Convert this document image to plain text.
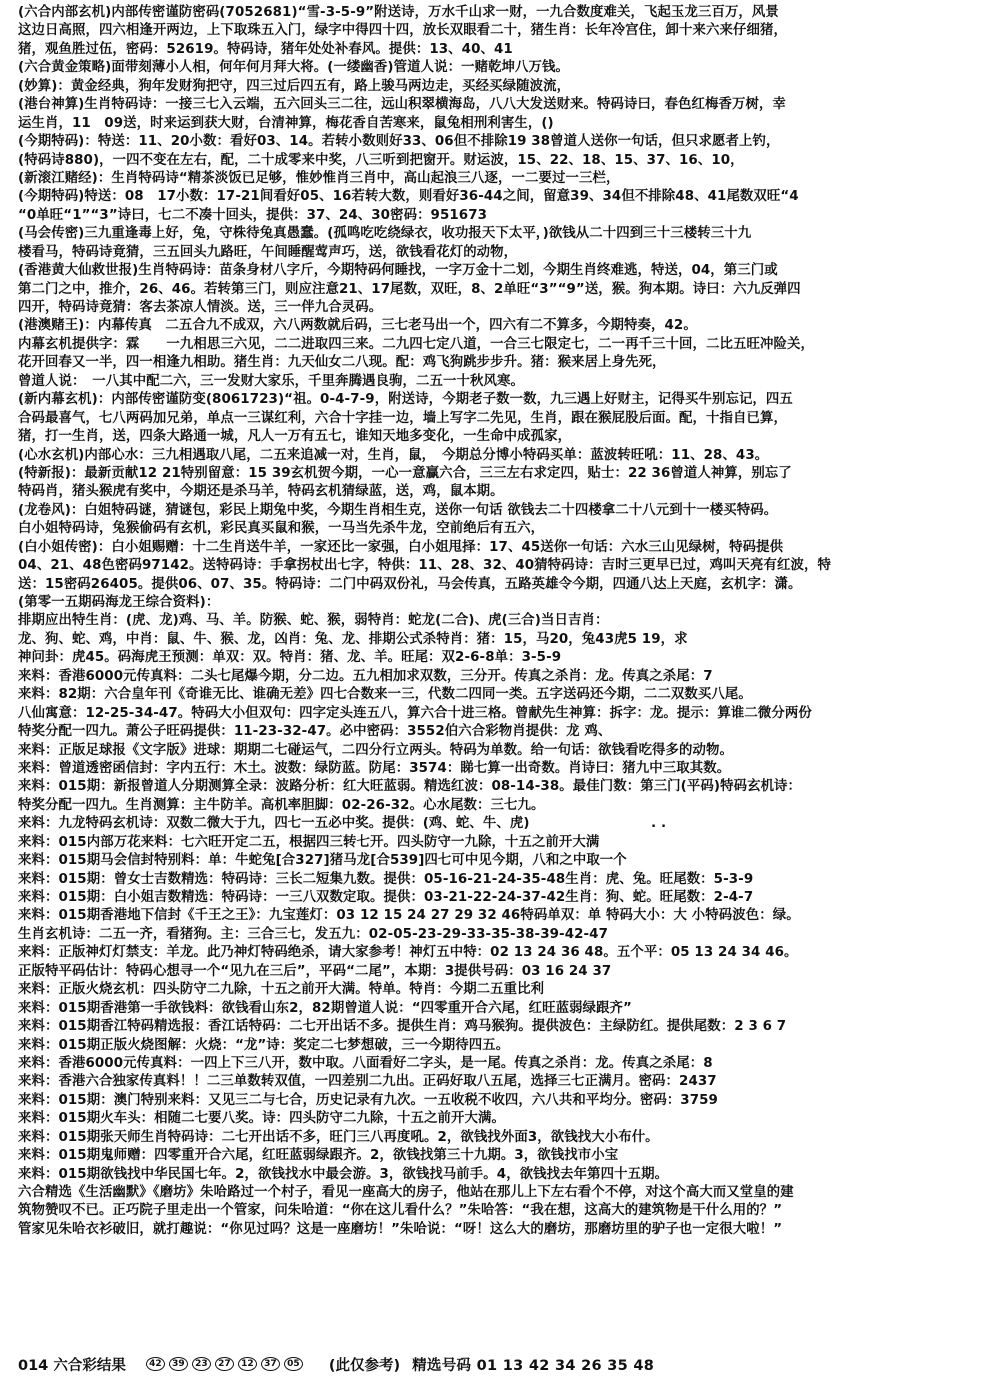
(六合内部玄机)内部传密谨防密码(7052681)“雪-3-5-9”附送诗，万水千山求一财，一九合数度难关，飞起玉龙三百万，风景
这边日高照，四六相逢开两边，上下取珠五入门，绿字中得四十四，放长双眼看二十，猪生肖：长年冷宫住，卸十来六来仔细猪，
猪，观鱼胜过伍，密码：52619。特码诗，猪年处处补春风。提供：13、40、41
(六合黄金策略)面带刻薄小人相，何年何月拜大将。(一缕幽香)管道人说：一赌乾坤八万钱。
(妙算)：黄金经典，狗年发财狗把守，四三过后四五有，路上骏马两边走，买经买绿随波流，
(港台神算)生肖特码诗：一接三七入云端，五六回头三二往，远山积翠横海岛，八八大发送财来。特码诗曰，春色红梅香万树，幸
运生肖，11　09送，时来运到获大财，台清神算，梅花香自苦寒来，鼠兔相刑利害生，()
(今期特码)：特送：11、20小数：看好03、14。若转小数则好33、06但不排除19 38曾道人送你一句话，但只求愿者上钓，
(特码诗880)，一四不变在左右，配，二十成零来中奖，八三听到把窗开。财运波，15、22、18、15、37、16、10，
(新滚江赌经)：生肖特码诗“精茶淡饭已足够，惟妙惟肖三肖中，高山起浪三八逐，一二要过一三栏，
(今期特码)特送：08　17小数：17-21间看好05、16若转大数，则看好36-44之间，留意39、34但不排除48、41尾数双旺“4
“0单旺“1”“3”诗曰，七二不凑十回头，提供：37、24、30密码：951673
(马会传密)三九重逢毒上好，兔，守株待兔真愚蠢。(孤鸣吃吃绕绿衣，收功报天下太平，)欲钱从二十四到三十三楼转三十九
楼看马，特码诗竟猜，三五回头九路旺，午间睡醒莺声巧，送，欲钱看花灯的动物，
(香港黄大仙救世报)生肖特码诗：苗条身材八字斤，今期特码何睡找，一字万金十二划，今期生肖终难逃，特送，04，第三门或
第二门之中，推介，26、46。若转第三门，则应注意21、17尾数，双旺，8、2单旺“3”“9”送，猴。狗本期。诗曰：六九反弹四
四开，特码诗竟猜：客去茶凉人情淡。送，三一伴九合灵码。
(港澳赌王)：内幕传真　二五合九不成双，六八两数就后码，三七老马出一个，四六有二不算多，今期特奏，42。
内幕玄机提供字：霖　　一九相思三六见，二二进取四三来。二九四七定八道，一合三七限定七，二一再千三十回，二比五旺冲险关，
花开回春又一半，四一相逢九相助。猪生肖：九天仙女二八现。配：鸡飞狗跳步步升。猪：猴来居上身先死，
曾道人说：　一八其中配二六，三一发财大家乐，千里奔腾遇良驹，二五一十秋风寒。
(新内幕玄机)：内部传密谨防变(8061723)“祖。0-4-7-9，附送诗，今期老子数一数，九三遇上好财主，记得买牛别忘记，四五
合码最喜气，七八两码加兄弟，单点一三谋红利，六合十字挂一边，墙上写字二先见，生肖，跟在猴屁股后面。配，十指自已算，
猪，打一生肖，送，四条大路通一城，凡人一万有五七，谁知天地多变化，一生命中成孤家，
(心水玄机)内部心水：三九相遇取八尾，二五来追减一对，生肖，鼠，　今期总分博小特码买单：蓝波转旺吼：11、28、43。
(特新报)：最新贡献12 21特别留意：15 39玄机贺今期，一心一意贏六合，三三左右求定四，贴士：22 36曾道人神算，别忘了
特码肖，猪头猴虎有奖中，今期还是杀马羊，特码玄机猜绿蓝，送，鸡，鼠本期。
(龙卷风)：白姐特码谜，猜谜包，彩民上期兔中奖，今期生肖相生克，送你一句话 欲钱去二十四楼拿二十八元到十一楼买特码。
白小姐特码诗，兔猴偷码有玄机，彩民真买鼠和猴，一马当先杀牛龙，空前绝后有五六，
(白小姐传密)：白小姐赐赠：十二生肖送牛羊，一家还比一家强，白小姐甩择：17、45送你一句话：六水三山见绿树，特码提供
04、21、48色密码97142。送特码诗：手拿拐杖出七字，特供：11、28、32、40猜特码诗：吉时三更早已过，鸡叫天亮有红波，特
送：15密码26405。提供06、07、35。特码诗：二门中码双份礼，马会传真，五路英雄令今期，四通八达上天庭，玄机字：潇。
(第零一五期码海龙王综合资料)：
排期应出特生肖：(虎、龙)鸡、马、羊。防猴、蛇、猴，弱特肖：蛇龙(二合)、虎(三合)当日吉肖：
龙、狗、蛇、鸡，中肖：鼠、牛、猴、龙，凶肖：兔、龙、排期公式杀特肖：猪：15，马20，兔43虎5 19，求
神问卦：虎45。码海虎王预测：单双：双。特肖：猪、龙、羊。旺尾：双2-6-8单：3-5-9
来料：香港6000元传真料：二头七尾爆今期，分二边。五九相加求双数，三分开。传真之杀肖：龙。传真之杀尾：7
来料：82期：六合皇年刊《奇谁无比、谁确无差》四七合数来一三，代数二四同一类。五字送码还今期，二二双数买八尾。
八仙寓意：12-25-34-47。特码大小但双句：四字定头连五八，算六合十进三格。曾献先生神算：拆字：龙。提示：算谁二微分两份
特奖分配一四九。萧公子旺码提供：11-23-32-47。必中密码：3552伯六合彩物肖提供：龙 鸡、
来料：正版足球报《文字版》进球：期期二七碰运气，二四分行立两头。特码为单数。给一句话：欲钱看吃得多的动物。
来料：曾道透密函信封：字内五行：木土。波数：绿防蓝。防尾：3574：睇七算一出奇数。肖诗曰：猪九中三取其数。
来料：015期：新报曾道人分期测算全录：波路分析：红大旺蓝弱。精选红波：08-14-38。最佳门数：第三门(平码)特码玄机诗：
特奖分配一四九。生肖测算：主牛防羊。高机率胆脚：02-26-32。心水尾数：三七九。
来料：九龙特码玄机诗：双数二微大于九，四七一五必中奖。提供：(鸡、蛇、牛、虎)　　　　　　　　　. .
来料：015内部万花来料：七六旺开定二五，根据四三转七开。四头防守一九除，十五之前开大满
来料：015期马会信封特别料：单：牛蛇兔[合327]猪马龙[合539]四七可中见今期，八和之中取一个
来料：015期：曾女士吉数精选：特码诗：三长二短集九数。提供：05-16-21-24-35-48生肖：虎、兔。旺尾数：5-3-9
来料：015期：白小姐吉数精选：特码诗：一三八双数定取。提供：03-21-22-24-37-42生肖：狗、蛇。旺尾数：2-4-7
来料：015期香港地下信封《千王之王》：九宝莲灯：03 12 15 24 27 29 32 46特码单双：单 特码大小：大 小特码波色：绿。
生肖玄机诗：二五一齐，看猪狗。主：三合三七，发五九：02-05-23-29-33-35-38-39-42-47
来料：正版神灯灯禁支：羊龙。此乃神灯特码绝杀，请大家参考！神灯五中特：02 13 24 36 48。五个平：05 13 24 34 46。
正版特平码估计：特码心想寻一个“见九在三后”，平码“二尾”，本期：3提供号码：03 16 24 37
来料：正版火烧玄机：四头防守二九除，十五之前开大满。特单。特肖：今期二五重比利
来料：015期香港第一手欲钱料：欲钱看山东2，82期曾道人说：“四零重开合六尾，红旺蓝弱绿跟齐”
来料：015期香江特码精选报：香江话特码：二七开出话不多。提供生肖：鸡马猴狗。提供波色：主绿防红。提供尾数：2 3 6 7
来料：015期正版火烧图解：火烧：“龙”诗：奖定二七梦想破，三一今期待四五。
来料：香港6000元传真料：一四上下三八开，数中取。八面看好二字头，是一尾。传真之杀肖：龙。传真之杀尾：8
来料：香港六合独家传真料！！二三单数转双值，一四差别二九出。正码好取八五尾，选择三七正满月。密码：2437
来料：015期：澳门特别来料：又见三二与七合，历史记录有九次。一五收税不收四，六八共和平均分。密码：3759
来料：015期火车头：相随二七要八奖。诗：四头防守二九除，十五之前开大满。
来料：015期张天师生肖特码诗：二七开出话不多，旺门三八再度吼。2，欲钱找外面3，欲钱找大小布什。
来料：015期鬼师赠：四零重开合六尾，红旺蓝弱绿跟齐。2，欲钱找第三十九期。3，欲钱找市小宝
来料：015期欲钱找中华民国七年。2，欲钱找水中最会游。3，欲钱找马前手。4，欲钱找去年第四十五期。
六合精选《生活幽默》《磨坊》朱哈路过一个村子，看见一座高大的房子，他站在那儿上下左右看个不停，对这个高大而又堂皇的建
筑物赞叹不已。正巧院子里走出一个管家，问朱哈道：“你在这儿看什么？”朱哈答：“我在想，这高大的建筑物是干什么用的？”
管家见朱哈衣衫破旧，就打趣说：“你见过吗？这是一座磨坊！”朱哈说：“呀！这么大的磨坊，那磨坊里的驴子也一定很大啦！”
014 六合彩结果	42	39	23	27	12	37	05 (此仅参考) 精选号码 01 13 42 34 26 35 48
